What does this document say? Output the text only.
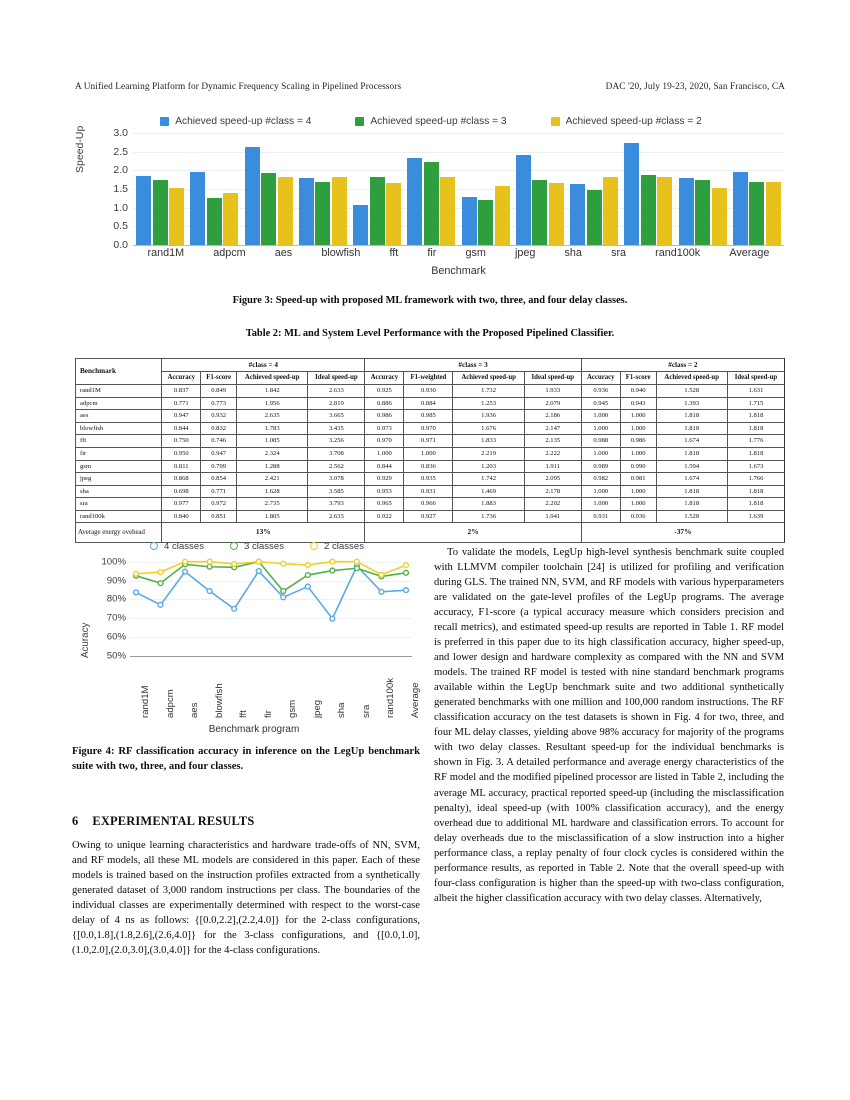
A Unified Learning Platform for Dynamic Frequency Scaling in Pipelined Processors	DAC '20, July 19-23, 2020, San Francisco, CA
Achieved speed-up #class = 4	Achieved speed-up #class = 3	Achieved speed-up #class = 2
Speed-Up
0.0
0.5
1.0
1.5
2.0
2.5
3.0
rand1M	adpcm	aes	blowfish	fft	fir	gsm	jpeg	sha	sra	rand100k	Average
Benchmark
Figure 3: Speed-up with proposed ML framework with two, three, and four delay classes.
Table 2: ML and System Level Performance with the Proposed Pipelined Classifier.
Benchmark	#class = 4				#class = 3				#class = 2			
	Accuracy	F1-score	Achieved speed-up	Ideal speed-up	Accuracy	F1-weighted	Achieved speed-up	Ideal speed-up	Accuracy	F1-score	Achieved speed-up	Ideal speed-up
rand1M	0.837	0.849	1.842	2.633	0.925	0.930	1.732	1.933	0.936	0.940	1.528	1.631
adpcm	0.771	0.773	1.956	2.819	0.886	0.884	1.253	2.079	0.945	0.943	1.393	1.715
aes	0.947	0.932	2.635	3.665	0.986	0.985	1.936	2.186	1.000	1.000	1.818	1.818
blowfish	0.844	0.832	1.783	3.435	0.973	0.970	1.676	2.147	1.000	1.000	1.818	1.818
fft	0.750	0.746	1.085	3.256	0.970	0.971	1.833	2.135	0.988	0.986	1.674	1.776
fir	0.950	0.947	2.324	3.708	1.000	1.000	2.219	2.222	1.000	1.000	1.818	1.818
gsm	0.811	0.799	1.288	2.562	0.844	0.836	1.203	1.911	0.989	0.990	1.594	1.673
jpeg	0.868	0.854	2.421	3.078	0.929	0.935	1.742	2.095	0.982	0.981	1.674	1.766
sha	0.698	0.771	1.628	3.585	0.953	0.931	1.469	2.178	1.000	1.000	1.818	1.818
sra	0.977	0.972	2.735	3.793	0.965	0.966	1.883	2.202	1.000	1.000	1.818	1.818
rand100k	0.840	0.851	1.805	2.633	0.922	0.927	1.736	1.941	0.931	0.936	1.528	1.639
Average energy ovehead	13%				2%				-37%			
4 classes	3 classes	2 classes
Acuracy	50%
60%
70%
80%
90%
100%
rand1M adpcm aes blowfish fft fir gsm jpeg sha sra rand100k Average
Benchmark program
Figure 4: RF classification accuracy in inference on the LegUp benchmark suite with two, three, and four classes.
6 EXPERIMENTAL RESULTS

Owing to unique learning characteristics and hardware trade-offs of NN, SVM, and RF models, all these ML models are considered in this paper. Each of these models is trained based on the instruction profiles extracted from a synthetically generated dataset of 3,000 random instructions per class. The boundaries of the individual classes are experimentally determined with respect to the worst-case delay of 4 ns as follows: {[0.0,2.2],(2.2,4.0]} for the 2-class configurations, {[0.0,1.8],(1.8,2.6],(2.6,4.0]} for the 3-class configurations, and {[0.0,1.0],(1.0,2.0],(2.0,3.0],(3.0,4.0]} for the 4-class configurations.

To validate the models, LegUp high-level synthesis benchmark suite coupled with LLMVM compiler toolchain [24] is utilized for profiling and verification during GLS. The trained NN, SVM, and RF models with various hyperparameters are validated on the gate-level profiles of the LegUp programs. The average accuracy, F1-score (a typical accuracy measure which considers precision and recall metrics), and estimated speed-up results are reported in Table 1. RF model is preferred in this paper due to its high classification accuracy, higher speed-up, and lower design and hardware complexity as compared with the NN and SVM models. The trained RF model is tested with nine standard benchmark programs available within the LegUp benchmark suite and two additional synthetically generated benchmarks with one million and 100,000 random instructions. The RF classification accuracy on the test datasets is shown in Fig. 4 for two, three, and four ML delay classes, yielding above 98% accuracy for majority of the programs with two delay classes. Resultant speed-up for the individual benchmarks is shown in Fig. 3. A detailed performance and average energy characteristics of the RF model and the modified pipelined processor are listed in Table 2, including the average ML accuracy, practical reported speed-up (including the misclassification penalty), ideal speed-up (with 100% classification accuracy), and the energy overhead due to additional ML hardware and classification errors. To account for delay overheads due to the misclassification of a slow instruction into a higher performance class, a replay penalty of four clock cycles is considered within the performance results, as reported in Table 2. Note that the overall speed-up with four-class configuration is higher than the speed-up with two-class configuration, albeit the higher classification accuracy with two delay classes. Alternatively,
